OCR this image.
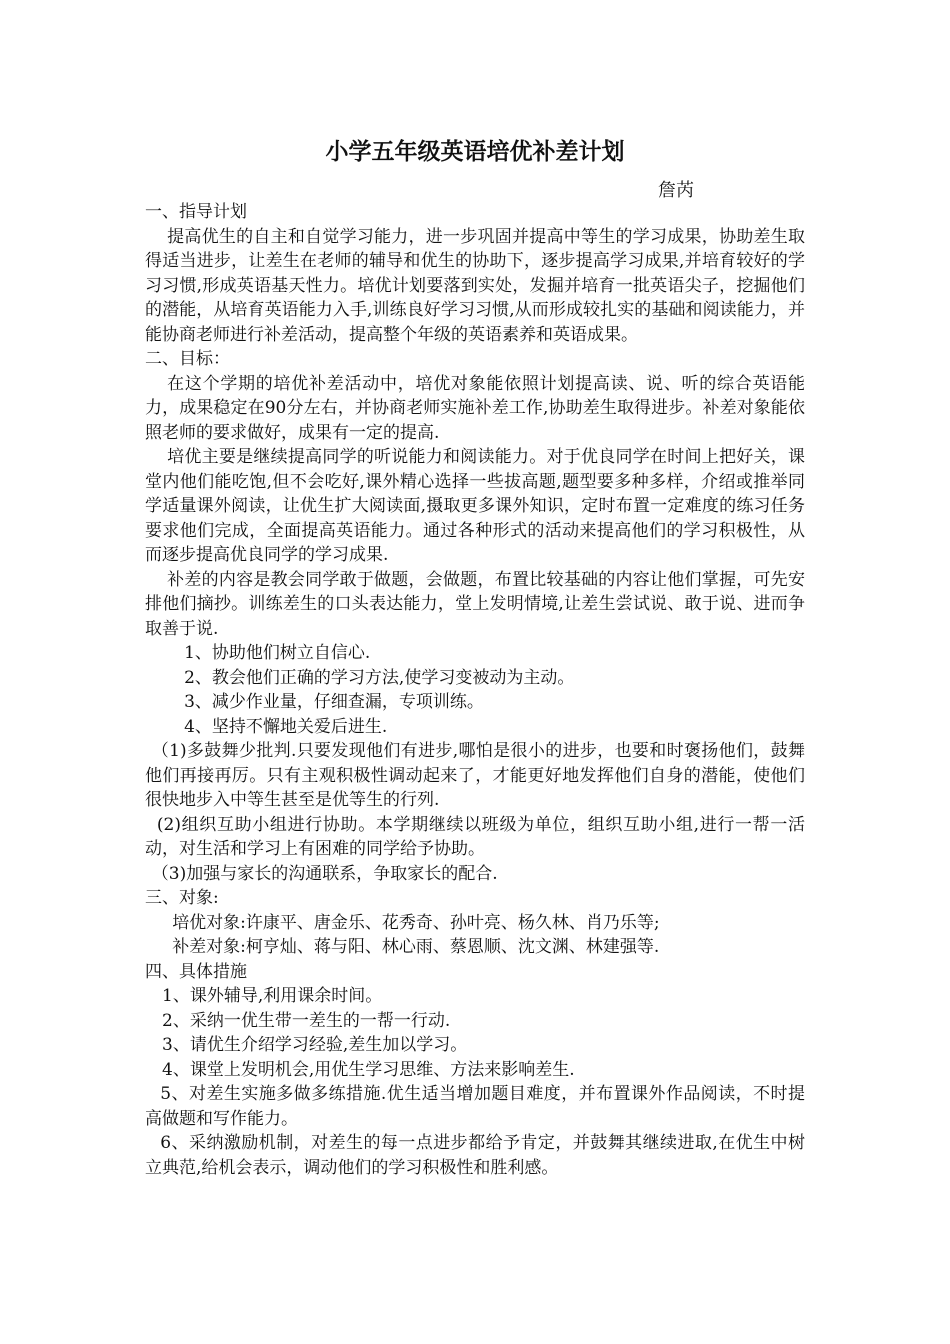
小学五年级英语培优补差计划
詹芮

一、指导计划

提高优生的自主和自觉学习能力，进一步巩固并提高中等生的学习成果，协助差生取得适当进步，让差生在老师的辅导和优生的协助下，逐步提高学习成果,并培育较好的学习习惯,形成英语基天性力。培优计划要落到实处，发掘并培育一批英语尖子，挖掘他们的潜能，从培育英语能力入手,训练良好学习习惯,从而形成较扎实的基础和阅读能力，并能协商老师进行补差活动，提高整个年级的英语素养和英语成果。

二、目标：

在这个学期的培优补差活动中，培优对象能依照计划提高读、说、听的综合英语能力，成果稳定在90分左右，并协商老师实施补差工作,协助差生取得进步。补差对象能依照老师的要求做好，成果有一定的提高.

培优主要是继续提高同学的听说能力和阅读能力。对于优良同学在时间上把好关，课堂内他们能吃饱,但不会吃好,课外精心选择一些拔高题,题型要多种多样，介绍或推举同学适量课外阅读，让优生扩大阅读面,摄取更多课外知识，定时布置一定难度的练习任务要求他们完成，全面提高英语能力。通过各种形式的活动来提高他们的学习积极性，从而逐步提高优良同学的学习成果.

补差的内容是教会同学敢于做题，会做题，布置比较基础的内容让他们掌握，可先安排他们摘抄。训练差生的口头表达能力，堂上发明情境,让差生尝试说、敢于说、进而争取善于说.

1、协助他们树立自信心.

2、教会他们正确的学习方法,使学习变被动为主动。

3、减少作业量，仔细查漏，专项训练。

4、坚持不懈地关爱后进生.

（1)多鼓舞少批判.只要发现他们有进步,哪怕是很小的进步，也要和时褒扬他们，鼓舞他们再接再厉。只有主观积极性调动起来了，才能更好地发挥他们自身的潜能，使他们很快地步入中等生甚至是优等生的行列.

(2)组织互助小组进行协助。本学期继续以班级为单位，组织互助小组,进行一帮一活动，对生活和学习上有困难的同学给予协助。

（3)加强与家长的沟通联系，争取家长的配合.

三、对象:

培优对象:许康平、唐金乐、花秀奇、孙叶亮、杨久林、肖乃乐等;

补差对象:柯亨灿、蒋与阳、林心雨、蔡恩顺、沈文渊、林建强等.

四、具体措施

1、课外辅导,利用课余时间。

2、采纳一优生带一差生的一帮一行动.

3、请优生介绍学习经验,差生加以学习。

4、课堂上发明机会,用优生学习思维、方法来影响差生.

5、对差生实施多做多练措施.优生适当增加题目难度，并布置课外作品阅读，不时提高做题和写作能力。

6、采纳激励机制，对差生的每一点进步都给予肯定，并鼓舞其继续进取,在优生中树立典范,给机会表示，调动他们的学习积极性和胜利感。
